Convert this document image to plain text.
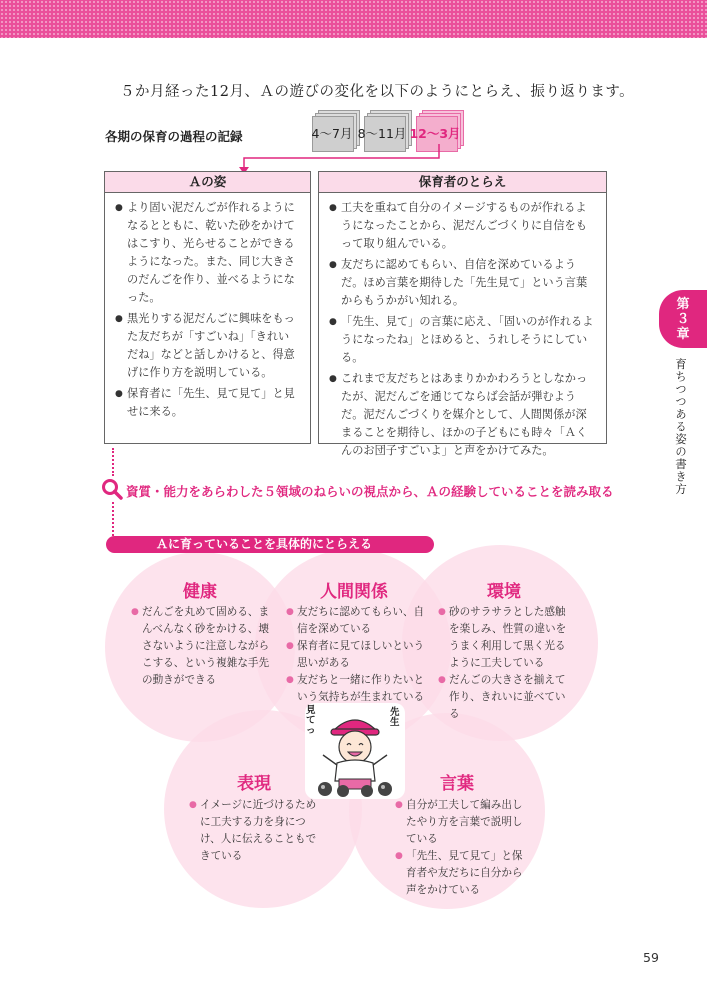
５か月経った12月、Ａの遊びの変化を以下のようにとらえ、振り返ります。
各期の保育の過程の記録	4～7月 8～11月 12～3月
Ａの姿
● より固い泥だんごが作れるようになるとともに、乾いた砂をかけてはこすり、光らせることができるようになった。また、同じ大きさのだんごを作り、並べるようになった。
● 黒光りする泥だんごに興味をもった友だちが「すごいね」「きれいだね」などと話しかけると、得意げに作り方を説明している。
● 保育者に「先生、見て見て」と見せに来る。
保育者のとらえ
● 工夫を重ねて自分のイメージするものが作れるようになったことから、泥だんごづくりに自信をもって取り組んでいる。
● 友だちに認めてもらい、自信を深めているようだ。ほめ言葉を期待した「先生見て」という言葉からもうかがい知れる。
● 「先生、見て」の言葉に応え、「固いのが作れるようになったね」とほめると、うれしそうにしている。
● これまで友だちとはあまりかかわろうとしなかったが、泥だんごを通じてならば会話が弾むようだ。泥だんごづくりを媒介として、人間関係が深まることを期待し、ほかの子どもにも時々「Ａくんのお団子すごいよ」と声をかけてみた。
資質・能力をあらわした５領域のねらいの視点から、Ａの経験していることを読み取る
Ａに育っていることを具体的にとらえる
健康	人間関係	環境
表現	言葉
● だんごを丸めて固める、まんべんなく砂をかける、壊さないように注意しながらこする、という複雑な手先の動きができる
● 友だちに認めてもらい、自信を深めている
● 保育者に見てほしいという思いがある
● 友だちと一緒に作りたいという気持ちが生まれている
● 砂のサラサラとした感触を楽しみ、性質の違いをうまく利用して黒く光るように工夫している
● だんごの大きさを揃えて作り、きれいに並べている
● イメージに近づけるために工夫する力を身につけ、人に伝えることもできている
● 自分が工夫して編み出したやり方を言葉で説明している
● 「先生、見て見て」と保育者や友だちに自分から声をかけている
見てっ
先生
第３章
育ちつつある姿の書き方
59
